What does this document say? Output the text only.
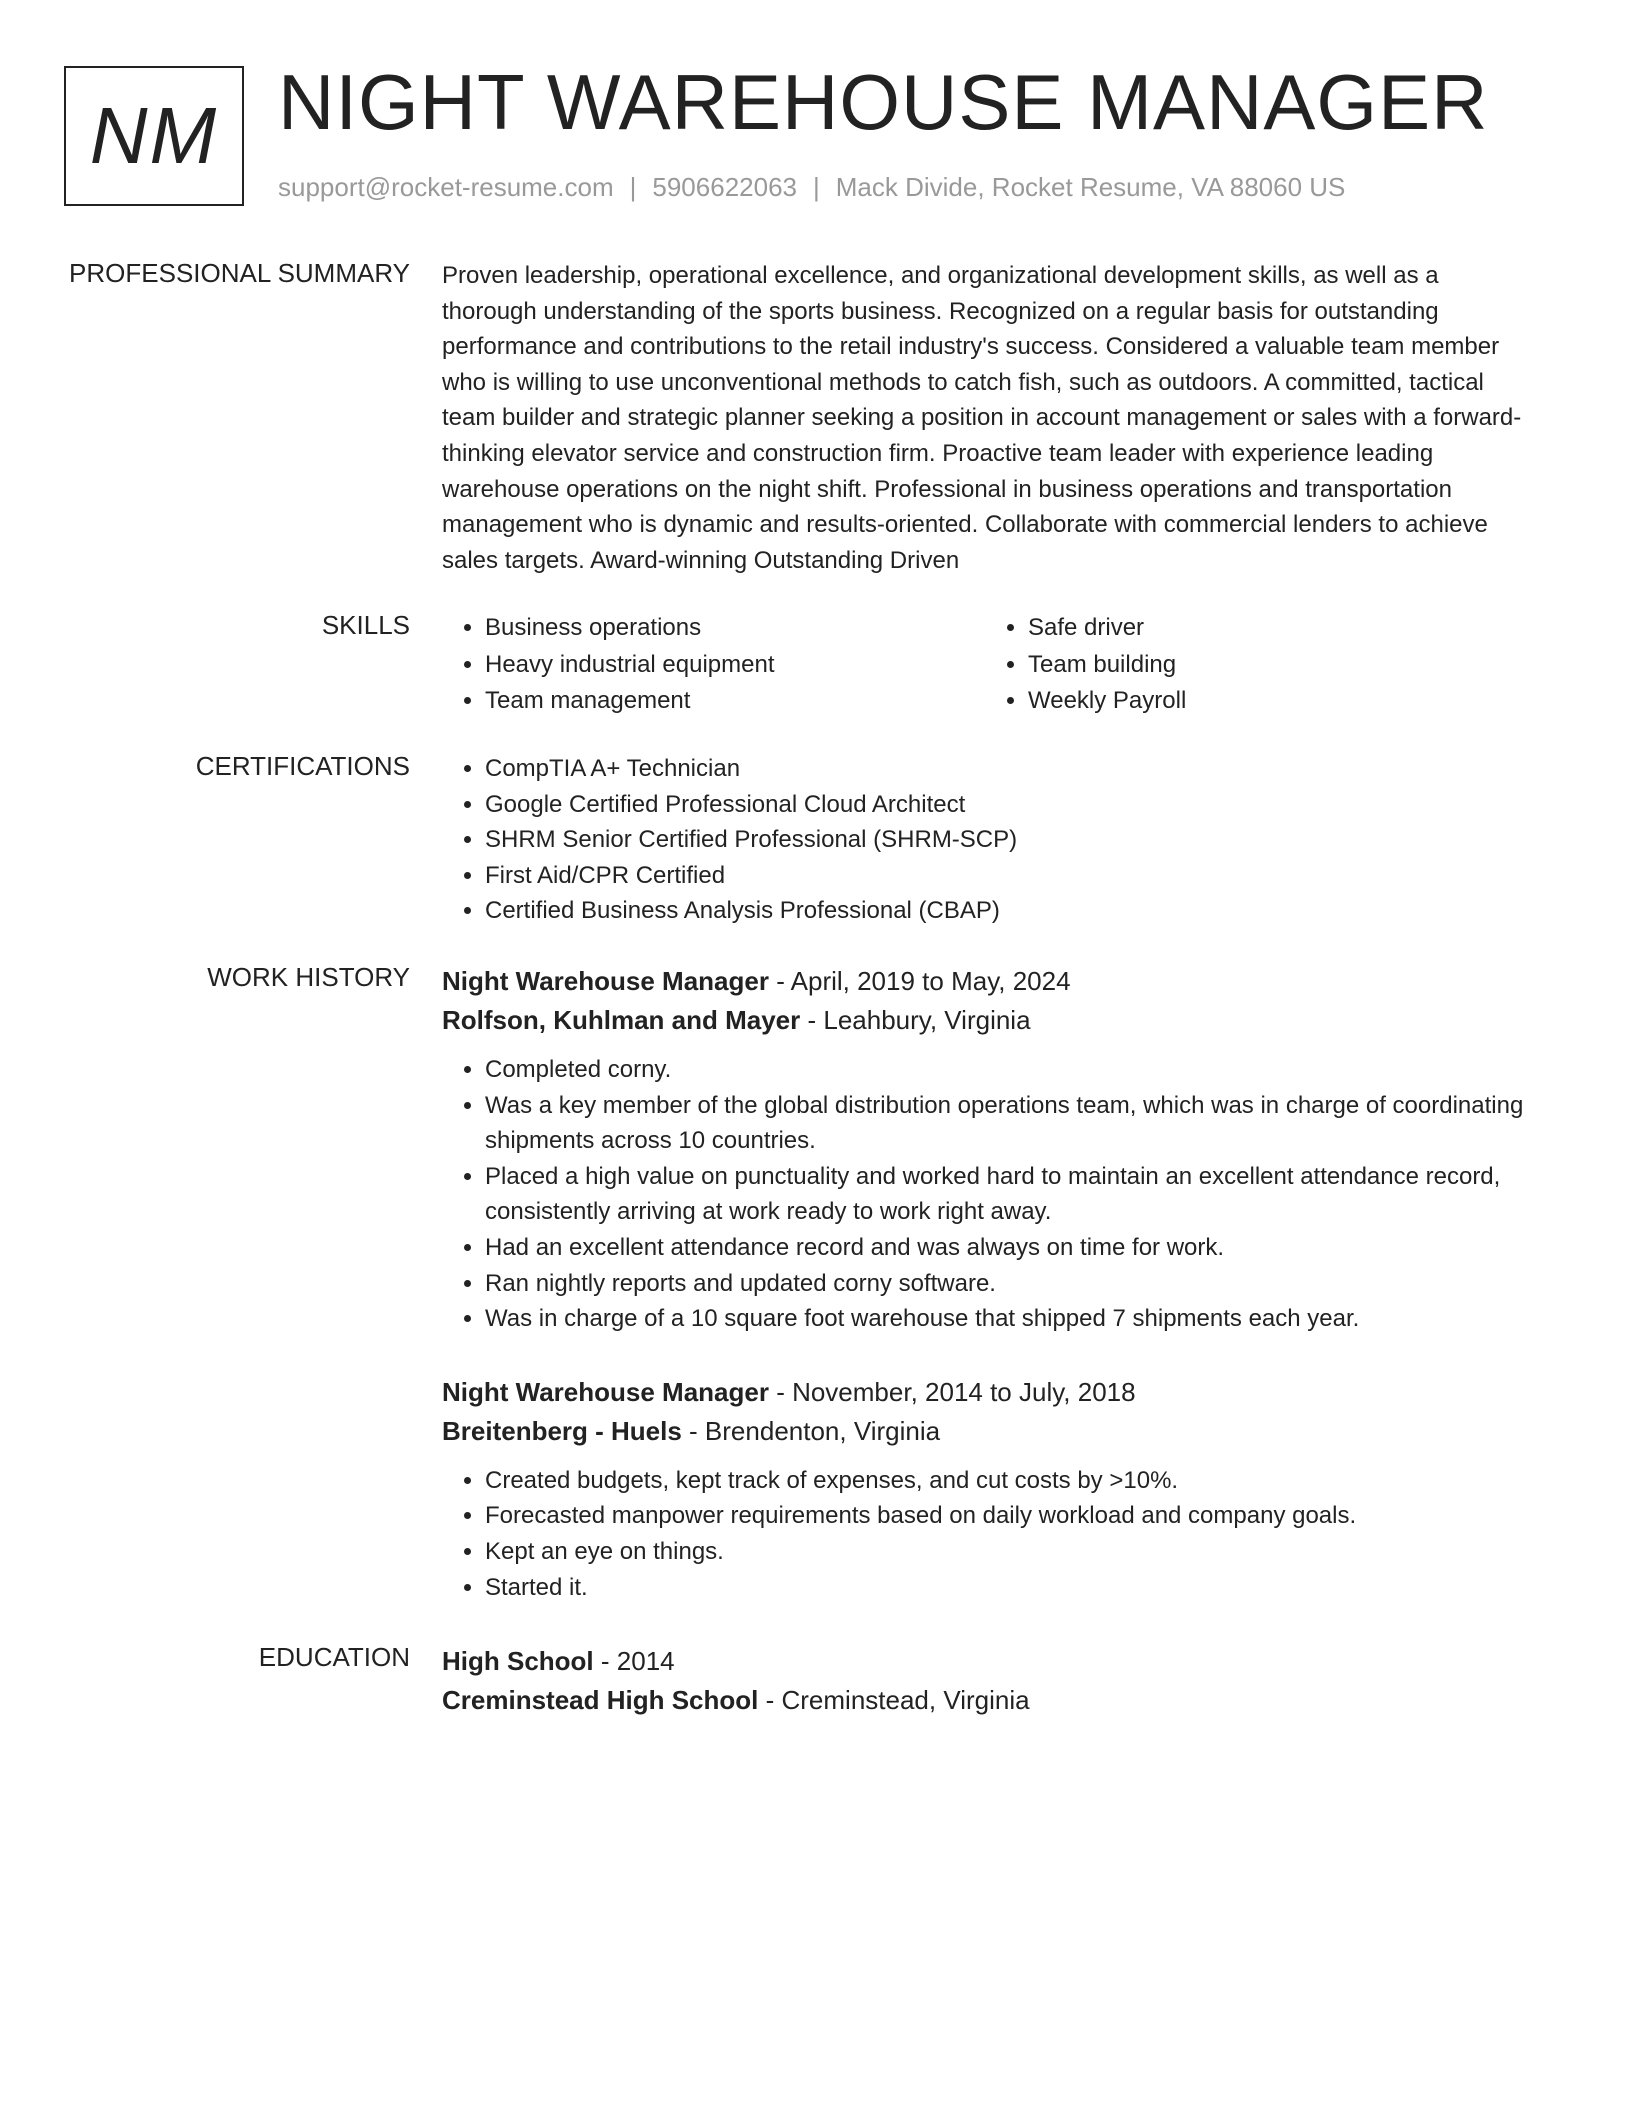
NM NIGHT WAREHOUSE MANAGER
support@rocket-resume.com | 5906622063 | Mack Divide, Rocket Resume, VA 88060 US
PROFESSIONAL SUMMARY Proven leadership, operational excellence, and organizational development skills, as well as a thorough understanding of the sports business. Recognized on a regular basis for outstanding performance and contributions to the retail industry's success. Considered a valuable team member who is willing to use unconventional methods to catch fish, such as outdoors. A committed, tactical team builder and strategic planner seeking a position in account management or sales with a forward-thinking elevator service and construction firm. Proactive team leader with experience leading warehouse operations on the night shift. Professional in business operations and transportation management who is dynamic and results-oriented. Collaborate with commercial lenders to achieve sales targets. Award-winning Outstanding Driven

SKILLS	• Business operations
• Heavy industrial equipment
• Team management
• Safe driver
• Team building
• Weekly Payroll
CERTIFICATIONS	• CompTIA A+ Technician
• Google Certified Professional Cloud Architect
• SHRM Senior Certified Professional (SHRM-SCP)
• First Aid/CPR Certified
• Certified Business Analysis Professional (CBAP)
WORK HISTORY Night Warehouse Manager - April, 2019 to May, 2024
Rolfson, Kuhlman and Mayer - Leahbury, Virginia
• Completed corny.
• Was a key member of the global distribution operations team, which was in charge of coordinating shipments across 10 countries.
• Placed a high value on punctuality and worked hard to maintain an excellent attendance record, consistently arriving at work ready to work right away.
• Had an excellent attendance record and was always on time for work.
• Ran nightly reports and updated corny software.
• Was in charge of a 10 square foot warehouse that shipped 7 shipments each year.
Night Warehouse Manager - November, 2014 to July, 2018
Breitenberg - Huels - Brendenton, Virginia
• Created budgets, kept track of expenses, and cut costs by >10%.
• Forecasted manpower requirements based on daily workload and company goals.
• Kept an eye on things.
• Started it.
EDUCATION High School - 2014
Creminstead High School - Creminstead, Virginia
